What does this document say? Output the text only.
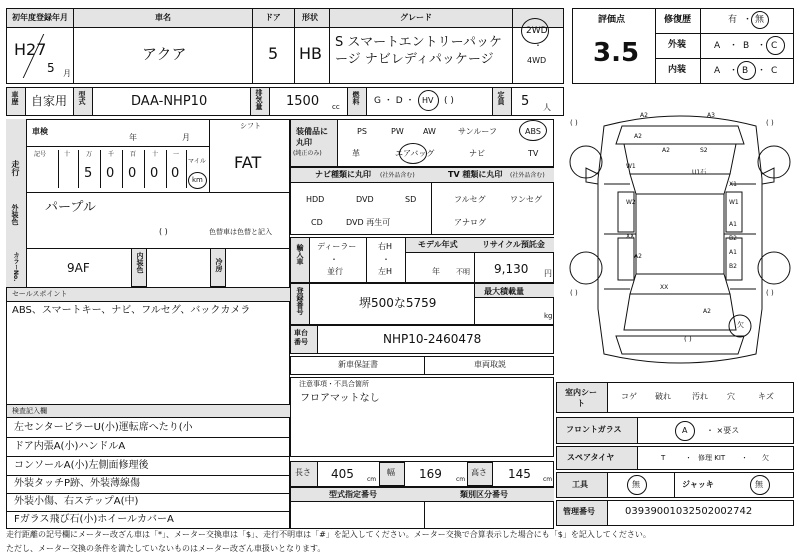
初年度登録年月
H27
5 月
車名
アクア
ドア
5
形状
HB
グレード
S スマートエントリーパッケージ ナビレディパッケージ
2WD
・
4WD
評価点
3.5
修復歴	有 ・ 無
外装	A ・ B ・ C
内装	A ・ B ・ C
車歴 自家用 型式	DAA-NHP10	排気量 1500 cc
燃料 G ・ D ・ HV ( )	定員 5 人
車検
年	月
シフト
FAT
走行
記号	十	万	千	百	十 一
5 0 0 0 0
マイル
km
外装色 パープル
( )	色替車は色替と記入
カラーNo.	9AF	内装色	冷房
セールスポイント
ABS、スマートキー、ナビ、フルセグ、バックカメラ
検査記入欄
左センターピラーU(小)運転席へたり(小
ドア内張A(小)ハンドルA
コンソールA(小)左側面修理後
外装タッチP跡、外装薄線傷
外装小傷、右ステップA(中)
Fガラス飛び石(小)ホイールカバーA
装備品に丸印
(純正のみ)
PS	PW AW	サンルーフ	ABS
革	エアバッグ	ナビ	TV
ナビ種類に丸印 (社外品含む)	TV 種類に丸印 (社外品含む)
HDD	DVD	SD
CD	DVD 再生可
フルセグ	ワンセグ
アナログ
輸入車 ディーラー
・
並行
右H
・
左H
モデル年式
年 不明
リサイクル預託金
9,130 円
登録番号	堺500な5759
最大積載量
kg
車台番号	NHP10-2460478
新車保証書	車両取説
注意事項・不具合箇所
フロアマットなし
長さ 405 cm
幅 169 cm
高さ 145 cm
型式指定番号	類別区分番号
( )	( )
( )	( )
( )
A2	A3
A2
A2	S2
W1
X1
W2	W1
XX
A1
B2
A1
B2
A2
XX
A2
U1石
欠
室内シート
コゲ 破れ	汚れ 穴	キズ
フロントガラス	A ・ ×要ス
スペアタイヤ	T	・ 修理 KIT ・ 欠
工具	無	ジャッキ	無
管理番号	0393900103250200274​2
走行距離の記号欄にメーター改ざん車は「*」、メーター交換車は「$」、走行不明車は「#」を記入してください。メーター交換で合算表示した場合にも「$」を記入してください。
ただし、メーター交換の条件を満たしていないものはメーター改ざん車扱いとなります。
